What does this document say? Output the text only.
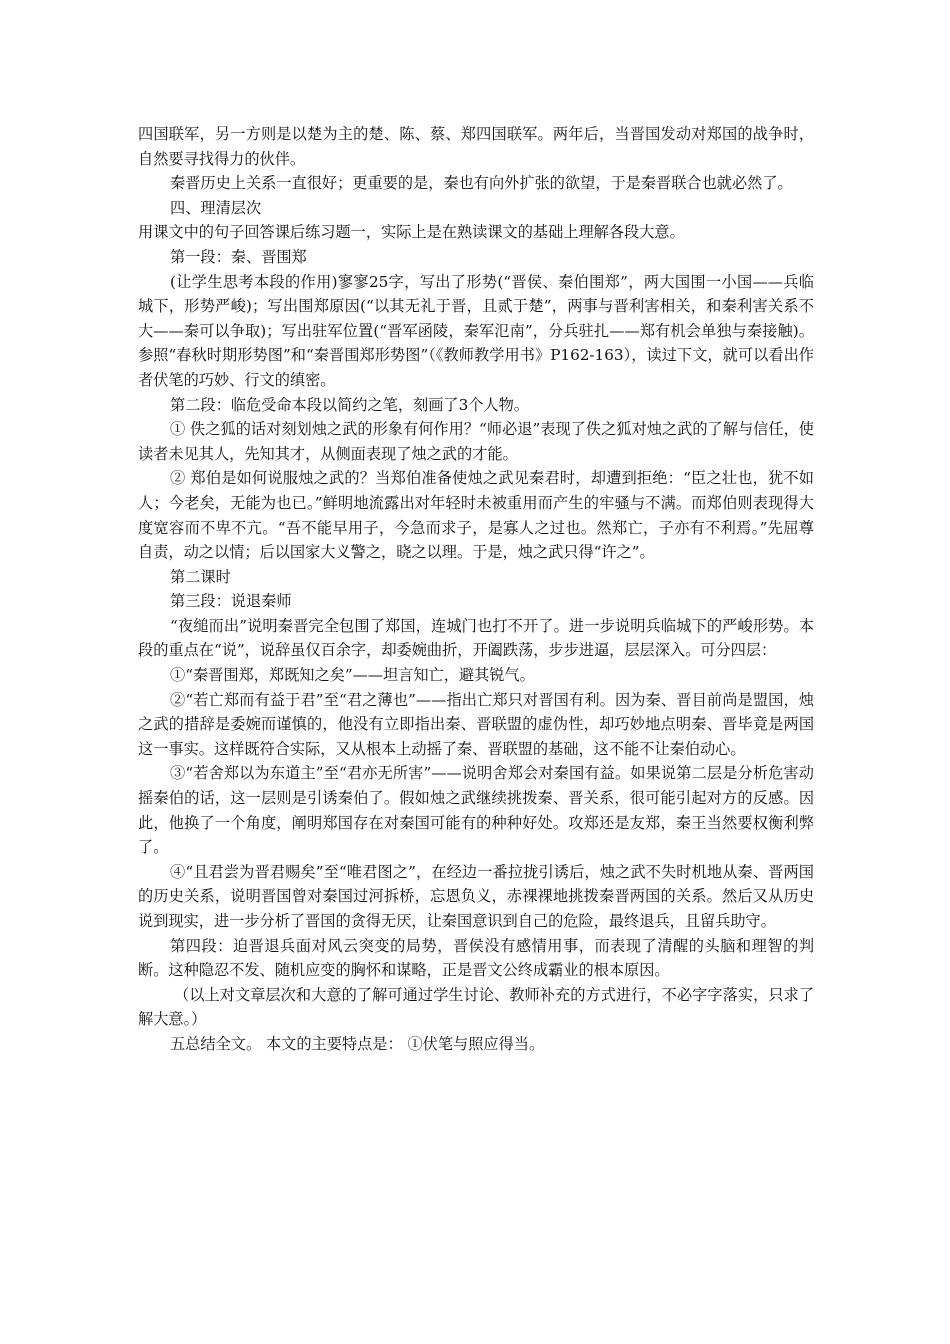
四国联军，另一方则是以楚为主的楚、陈、蔡、郑四国联军。两年后，当晋国发动对郑国的战争时，自然要寻找得力的伙伴。

秦晋历史上关系一直很好；更重要的是，秦也有向外扩张的欲望，于是秦晋联合也就必然了。

四、理清层次

用课文中的句子回答课后练习题一，实际上是在熟读课文的基础上理解各段大意。

第一段：秦、晋围郑

(让学生思考本段的作用)寥寥25字，写出了形势(“晋侯、秦伯围郑”，两大国围一小国——兵临城下，形势严峻)；写出围郑原因(“以其无礼于晋，且贰于楚”，两事与晋利害相关，和秦利害关系不大——秦可以争取)；写出驻军位置(“晋军函陵，秦军氾南”，分兵驻扎——郑有机会单独与秦接触)。参照“春秋时期形势图”和“秦晋围郑形势图”（《教师教学用书》P162-163），读过下文，就可以看出作者伏笔的巧妙、行文的缜密。

第二段：临危受命本段以简约之笔，刻画了3个人物。

① 佚之狐的话对刻划烛之武的形象有何作用？“师必退”表现了佚之狐对烛之武的了解与信任，使读者未见其人，先知其才，从侧面表现了烛之武的才能。

② 郑伯是如何说服烛之武的？当郑伯准备使烛之武见秦君时，却遭到拒绝：“臣之壮也，犹不如人；今老矣，无能为也已。”鲜明地流露出对年轻时未被重用而产生的牢骚与不满。而郑伯则表现得大度宽容而不卑不亢。“吾不能早用子，今急而求子，是寡人之过也。然郑亡，子亦有不利焉。”先屈尊自责，动之以情；后以国家大义警之，晓之以理。于是，烛之武只得“许之”。

第二课时

第三段：说退秦师

“夜缒而出”说明秦晋完全包围了郑国，连城门也打不开了。进一步说明兵临城下的严峻形势。本段的重点在“说”，说辞虽仅百余字，却委婉曲折，开阖跌荡，步步进逼，层层深入。可分四层：

①“秦晋围郑，郑既知之矣”——坦言知亡，避其锐气。

②“若亡郑而有益于君”至“君之薄也”——指出亡郑只对晋国有利。因为秦、晋目前尚是盟国，烛之武的措辞是委婉而谨慎的，他没有立即指出秦、晋联盟的虚伪性，却巧妙地点明秦、晋毕竟是两国这一事实。这样既符合实际，又从根本上动摇了秦、晋联盟的基础，这不能不让秦伯动心。

③“若舍郑以为东道主”至“君亦无所害”——说明舍郑会对秦国有益。如果说第二层是分析危害动摇秦伯的话，这一层则是引诱秦伯了。假如烛之武继续挑拨秦、晋关系，很可能引起对方的反感。因此，他换了一个角度，阐明郑国存在对秦国可能有的种种好处。攻郑还是友郑，秦王当然要权衡利弊了。

④“且君尝为晋君赐矣”至“唯君图之”，在经边一番拉拢引诱后，烛之武不失时机地从秦、晋两国的历史关系，说明晋国曾对秦国过河拆桥，忘恩负义，赤裸裸地挑拨秦晋两国的关系。然后又从历史说到现实，进一步分析了晋国的贪得无厌，让秦国意识到自己的危险，最终退兵，且留兵助守。

第四段：迫晋退兵面对风云突变的局势，晋侯没有感情用事，而表现了清醒的头脑和理智的判断。这种隐忍不发、随机应变的胸怀和谋略，正是晋文公终成霸业的根本原因。

（以上对文章层次和大意的了解可通过学生讨论、教师补充的方式进行，不必字字落实，只求了解大意。）

五总结全文。 本文的主要特点是： ①伏笔与照应得当。
